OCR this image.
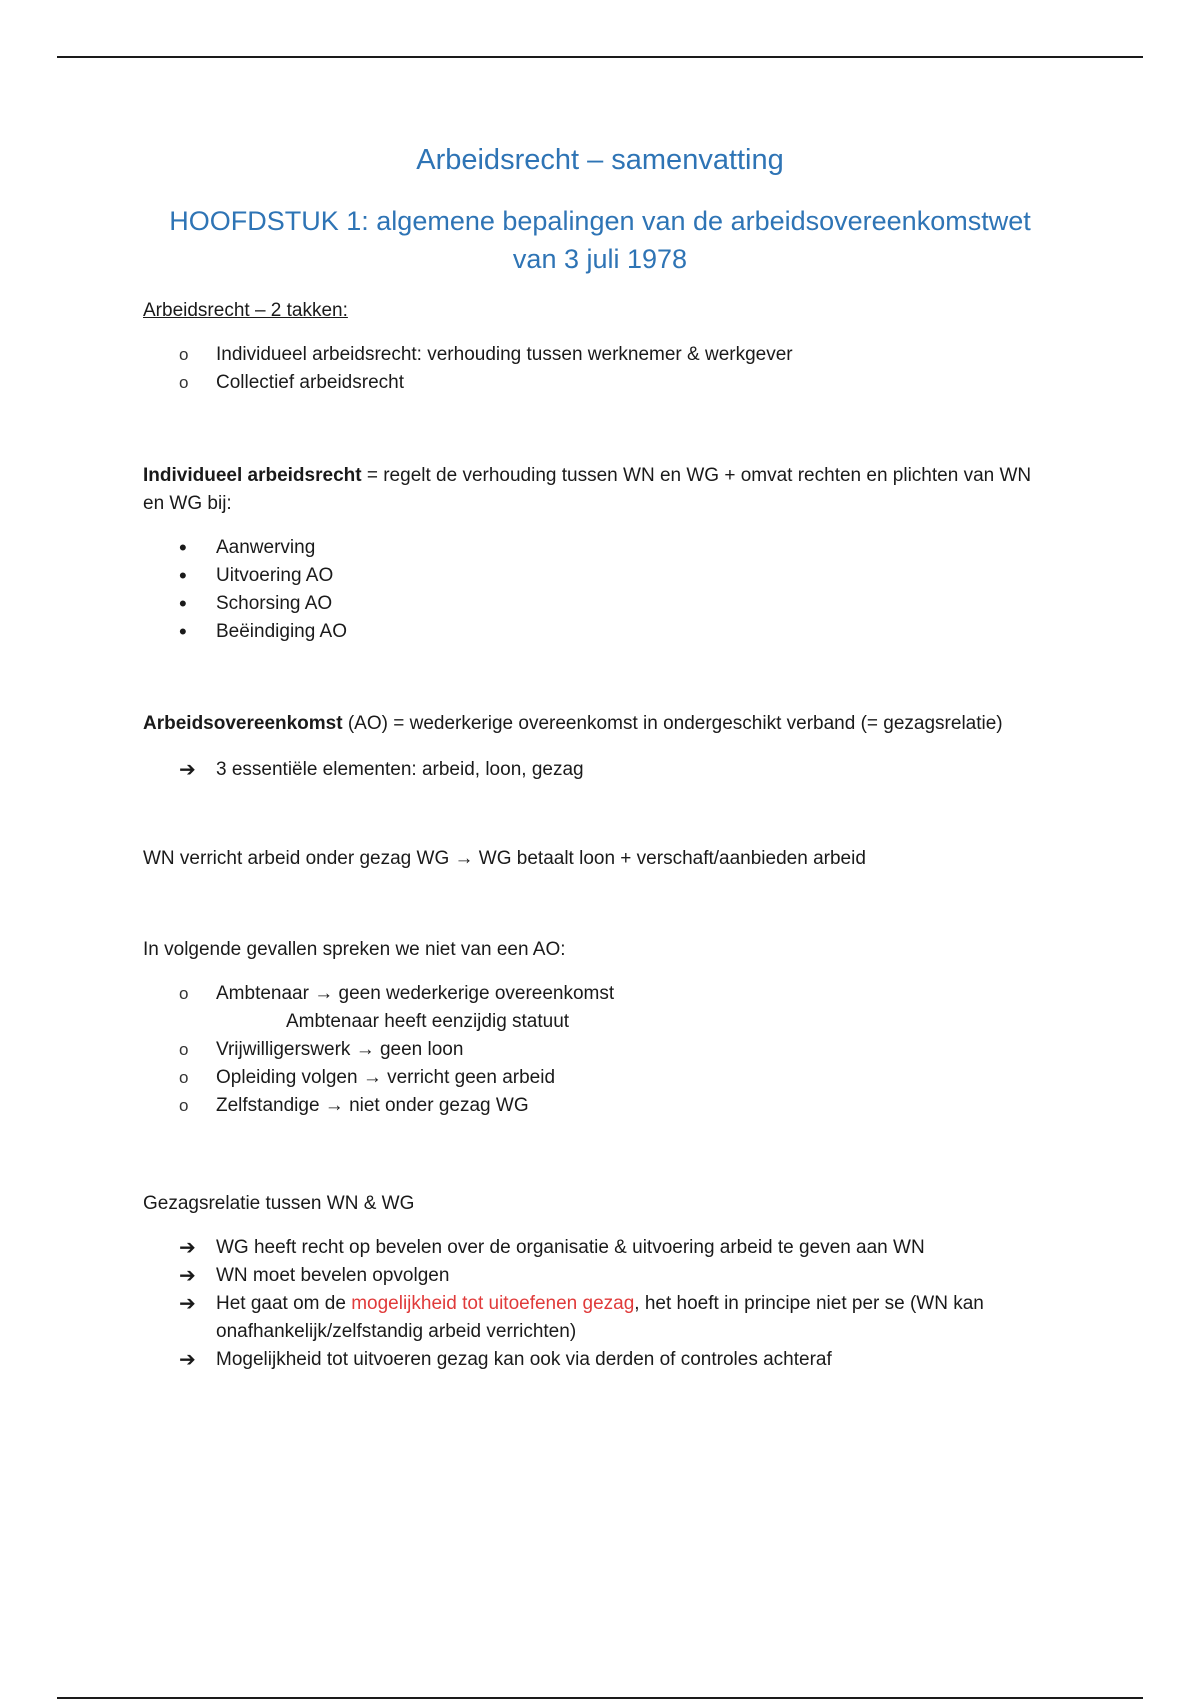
Arbeidsrecht – samenvatting
HOOFDSTUK 1: algemene bepalingen van de arbeidsovereenkomstwet
van 3 juli 1978
Arbeidsrecht – 2 takken:
o	Individueel arbeidsrecht: verhouding tussen werknemer & werkgever
o	Collectief arbeidsrecht
Individueel arbeidsrecht = regelt de verhouding tussen WN en WG + omvat rechten en plichten van WN en WG bij:
•	Aanwerving
•	Uitvoering AO
•	Schorsing AO
•	Beëindiging AO
Arbeidsovereenkomst (AO) = wederkerige overeenkomst in ondergeschikt verband (= gezagsrelatie)
➔	3 essentiële elementen: arbeid, loon, gezag
WN verricht arbeid onder gezag WG → WG betaalt loon + verschaft/aanbieden arbeid
In volgende gevallen spreken we niet van een AO:
o	Ambtenaar → geen wederkerige overeenkomst
Ambtenaar heeft eenzijdig statuut
o	Vrijwilligerswerk → geen loon
o	Opleiding volgen → verricht geen arbeid
o	Zelfstandige → niet onder gezag WG
Gezagsrelatie tussen WN & WG
➔	WG heeft recht op bevelen over de organisatie & uitvoering arbeid te geven aan WN
➔	WN moet bevelen opvolgen
➔	Het gaat om de mogelijkheid tot uitoefenen gezag, het hoeft in principe niet per se (WN kan onafhankelijk/zelfstandig arbeid verrichten)
➔	Mogelijkheid tot uitvoeren gezag kan ook via derden of controles achteraf
